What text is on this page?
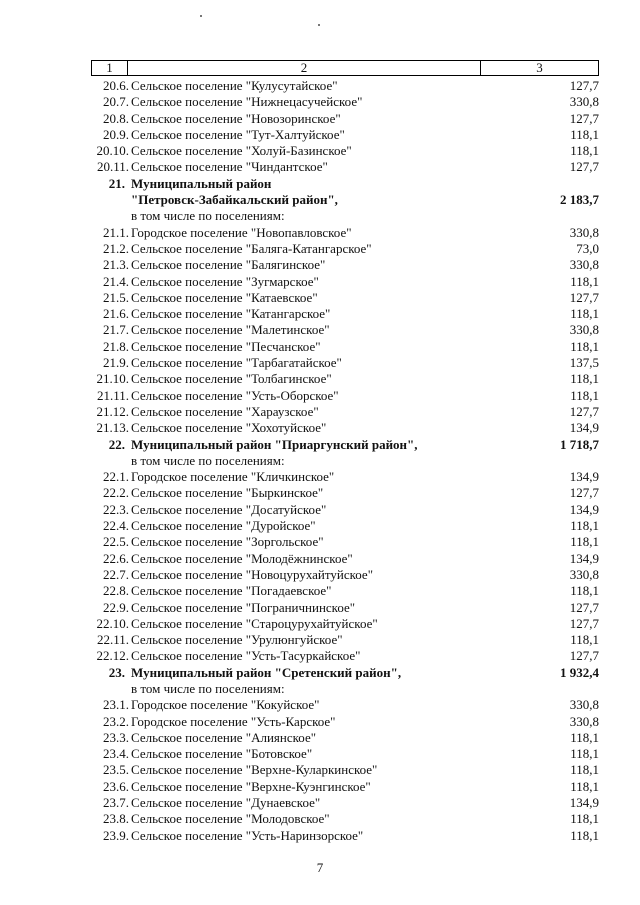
1	2	3
20.6. Сельское поселение "Кулусутайское"	127,7
20.7. Сельское поселение "Нижнецасучейское"	330,8
20.8. Сельское поселение "Новозоринское"	127,7
20.9. Сельское поселение "Тут-Халтуйское"	118,1
20.10. Сельское поселение "Холуй-Базинское"	118,1
20.11. Сельское поселение "Чиндантское"	127,7
21. Муниципальный район
"Петровск-Забайкальский район",	2 183,7
в том числе по поселениям:
21.1. Городское поселение "Новопавловское"	330,8
21.2. Сельское поселение "Баляга-Катангарское"	73,0
21.3. Сельское поселение "Балягинское"	330,8
21.4. Сельское поселение "Зугмарское"	118,1
21.5. Сельское поселение "Катаевское"	127,7
21.6. Сельское поселение "Катангарское"	118,1
21.7. Сельское поселение "Малетинское"	330,8
21.8. Сельское поселение "Песчанское"	118,1
21.9. Сельское поселение "Тарбагатайское"	137,5
21.10. Сельское поселение "Толбагинское"	118,1
21.11. Сельское поселение "Усть-Оборское"	118,1
21.12. Сельское поселение "Хараузское"	127,7
21.13. Сельское поселение "Хохотуйское"	134,9
22. Муниципальный район "Приаргунский район",	1 718,7
в том числе по поселениям:
22.1. Городское поселение "Кличкинское"	134,9
22.2. Сельское поселение "Быркинское"	127,7
22.3. Сельское поселение "Досатуйское"	134,9
22.4. Сельское поселение "Дуройское"	118,1
22.5. Сельское поселение "Зоргольское"	118,1
22.6. Сельское поселение "Молодёжнинское"	134,9
22.7. Сельское поселение "Новоцурухайтуйское"	330,8
22.8. Сельское поселение "Погадаевское"	118,1
22.9. Сельское поселение "Пограничнинское"	127,7
22.10. Сельское поселение "Староцурухайтуйское"	127,7
22.11. Сельское поселение "Урулюнгуйское"	118,1
22.12. Сельское поселение "Усть-Тасуркайское"	127,7
23. Муниципальный район "Сретенский район",	1 932,4
в том числе по поселениям:
23.1. Городское поселение "Кокуйское"	330,8
23.2. Городское поселение "Усть-Карское"	330,8
23.3. Сельское поселение "Алиянское"	118,1
23.4. Сельское поселение "Ботовское"	118,1
23.5. Сельское поселение "Верхне-Куларкинское"	118,1
23.6. Сельское поселение "Верхне-Куэнгинское"	118,1
23.7. Сельское поселение "Дунаевское"	134,9
23.8. Сельское поселение "Молодовское"	118,1
23.9. Сельское поселение "Усть-Наринзорское"	118,1
7
